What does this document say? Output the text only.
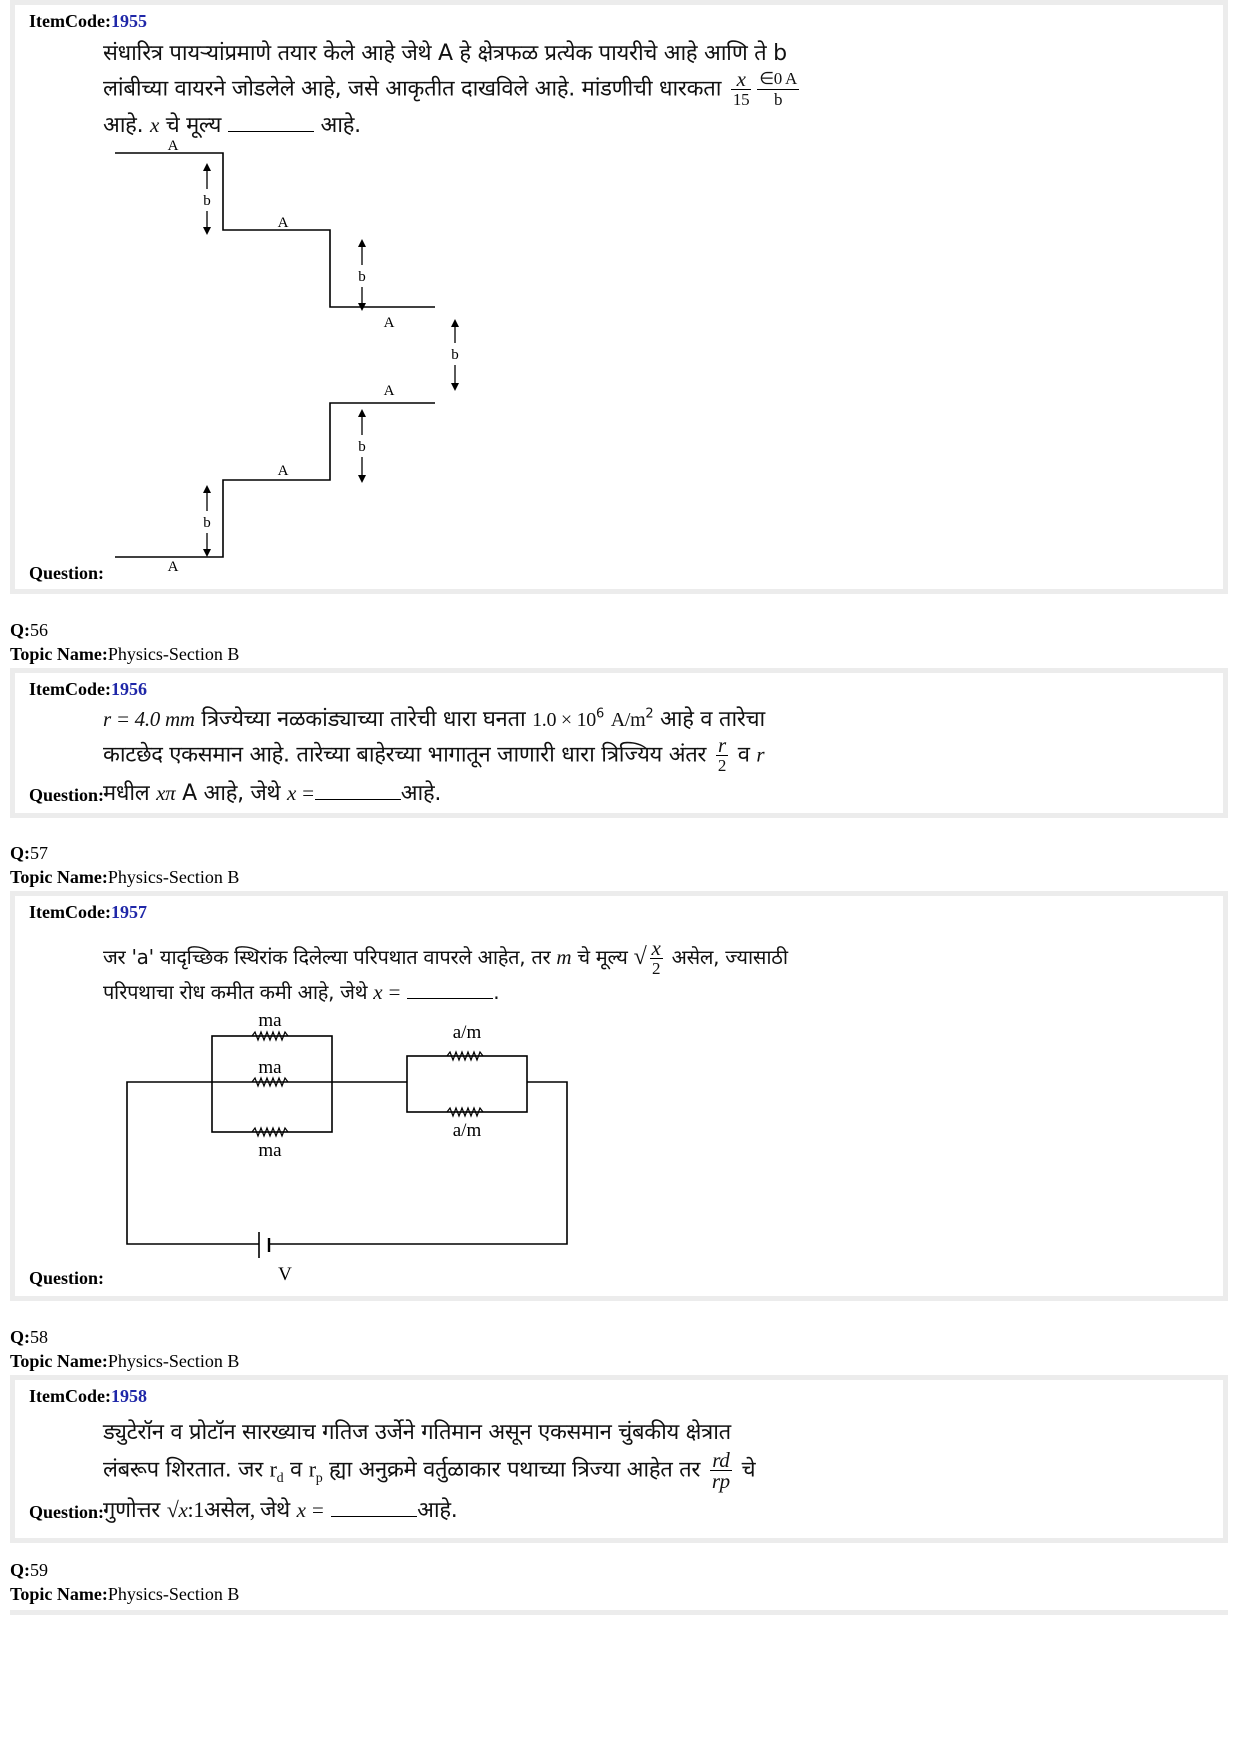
ItemCode:1955
संधारित्र पायऱ्यांप्रमाणे तयार केले आहे जेथे A हे क्षेत्रफळ प्रत्येक पायरीचे आहे आणि ते b
लांबीच्या वायरने जोडलेले आहे, जसे आकृतीत दाखविले आहे. मांडणीची धारकता $\frac{x}{15} \frac{\in 0 A}{b}$
आहे. x चे मूल्य	आहे.
A
A
A
A
A
A
b
b
b
b
b
Question:
Q:56
Topic Name:Physics-Section B
ItemCode:1956
r = 4.0 mm त्रिज्येच्या नळकांड्याच्या तारेची धारा घनता $1.0 \times 10^6$ $A/m^2$ आहे व तारेचा
काटछेद एकसमान आहे. तारेच्या बाहेरच्या भागातून जाणारी धारा त्रिज्यिय अंतर $\frac{r}{2}$ व r
मधील xπ A आहे, जेथे x =	आहे.
Question:
Q:57
Topic Name:Physics-Section B
ItemCode:1957
जर 'a' यादृच्छिक स्थिरांक दिलेल्या परिपथात वापरले आहेत, तर m चे मूल्य √ $\frac{x}{2}$ असेल, ज्यासाठी
परिपथाचा रोध कमीत कमी आहे, जेथे x =	.
ma
ma
ma
a/m
a/m
V
Question:
Q:58
Topic Name:Physics-Section B
ItemCode:1958
ड्युटेरॉन व प्रोटॉन सारख्याच गतिज उर्जेने गतिमान असून एकसमान चुंबकीय क्षेत्रात
लंबरूप शिरतात. जर $r_d$ व $r_p$ ह्या अनुक्रमे वर्तुळाकार पथाच्या त्रिज्या आहेत तर $\frac{rd}{rp}$ चे
गुणोत्तर √x:1असेल, जेथे x =	आहे.
Question:
Q:59
Topic Name:Physics-Section B
